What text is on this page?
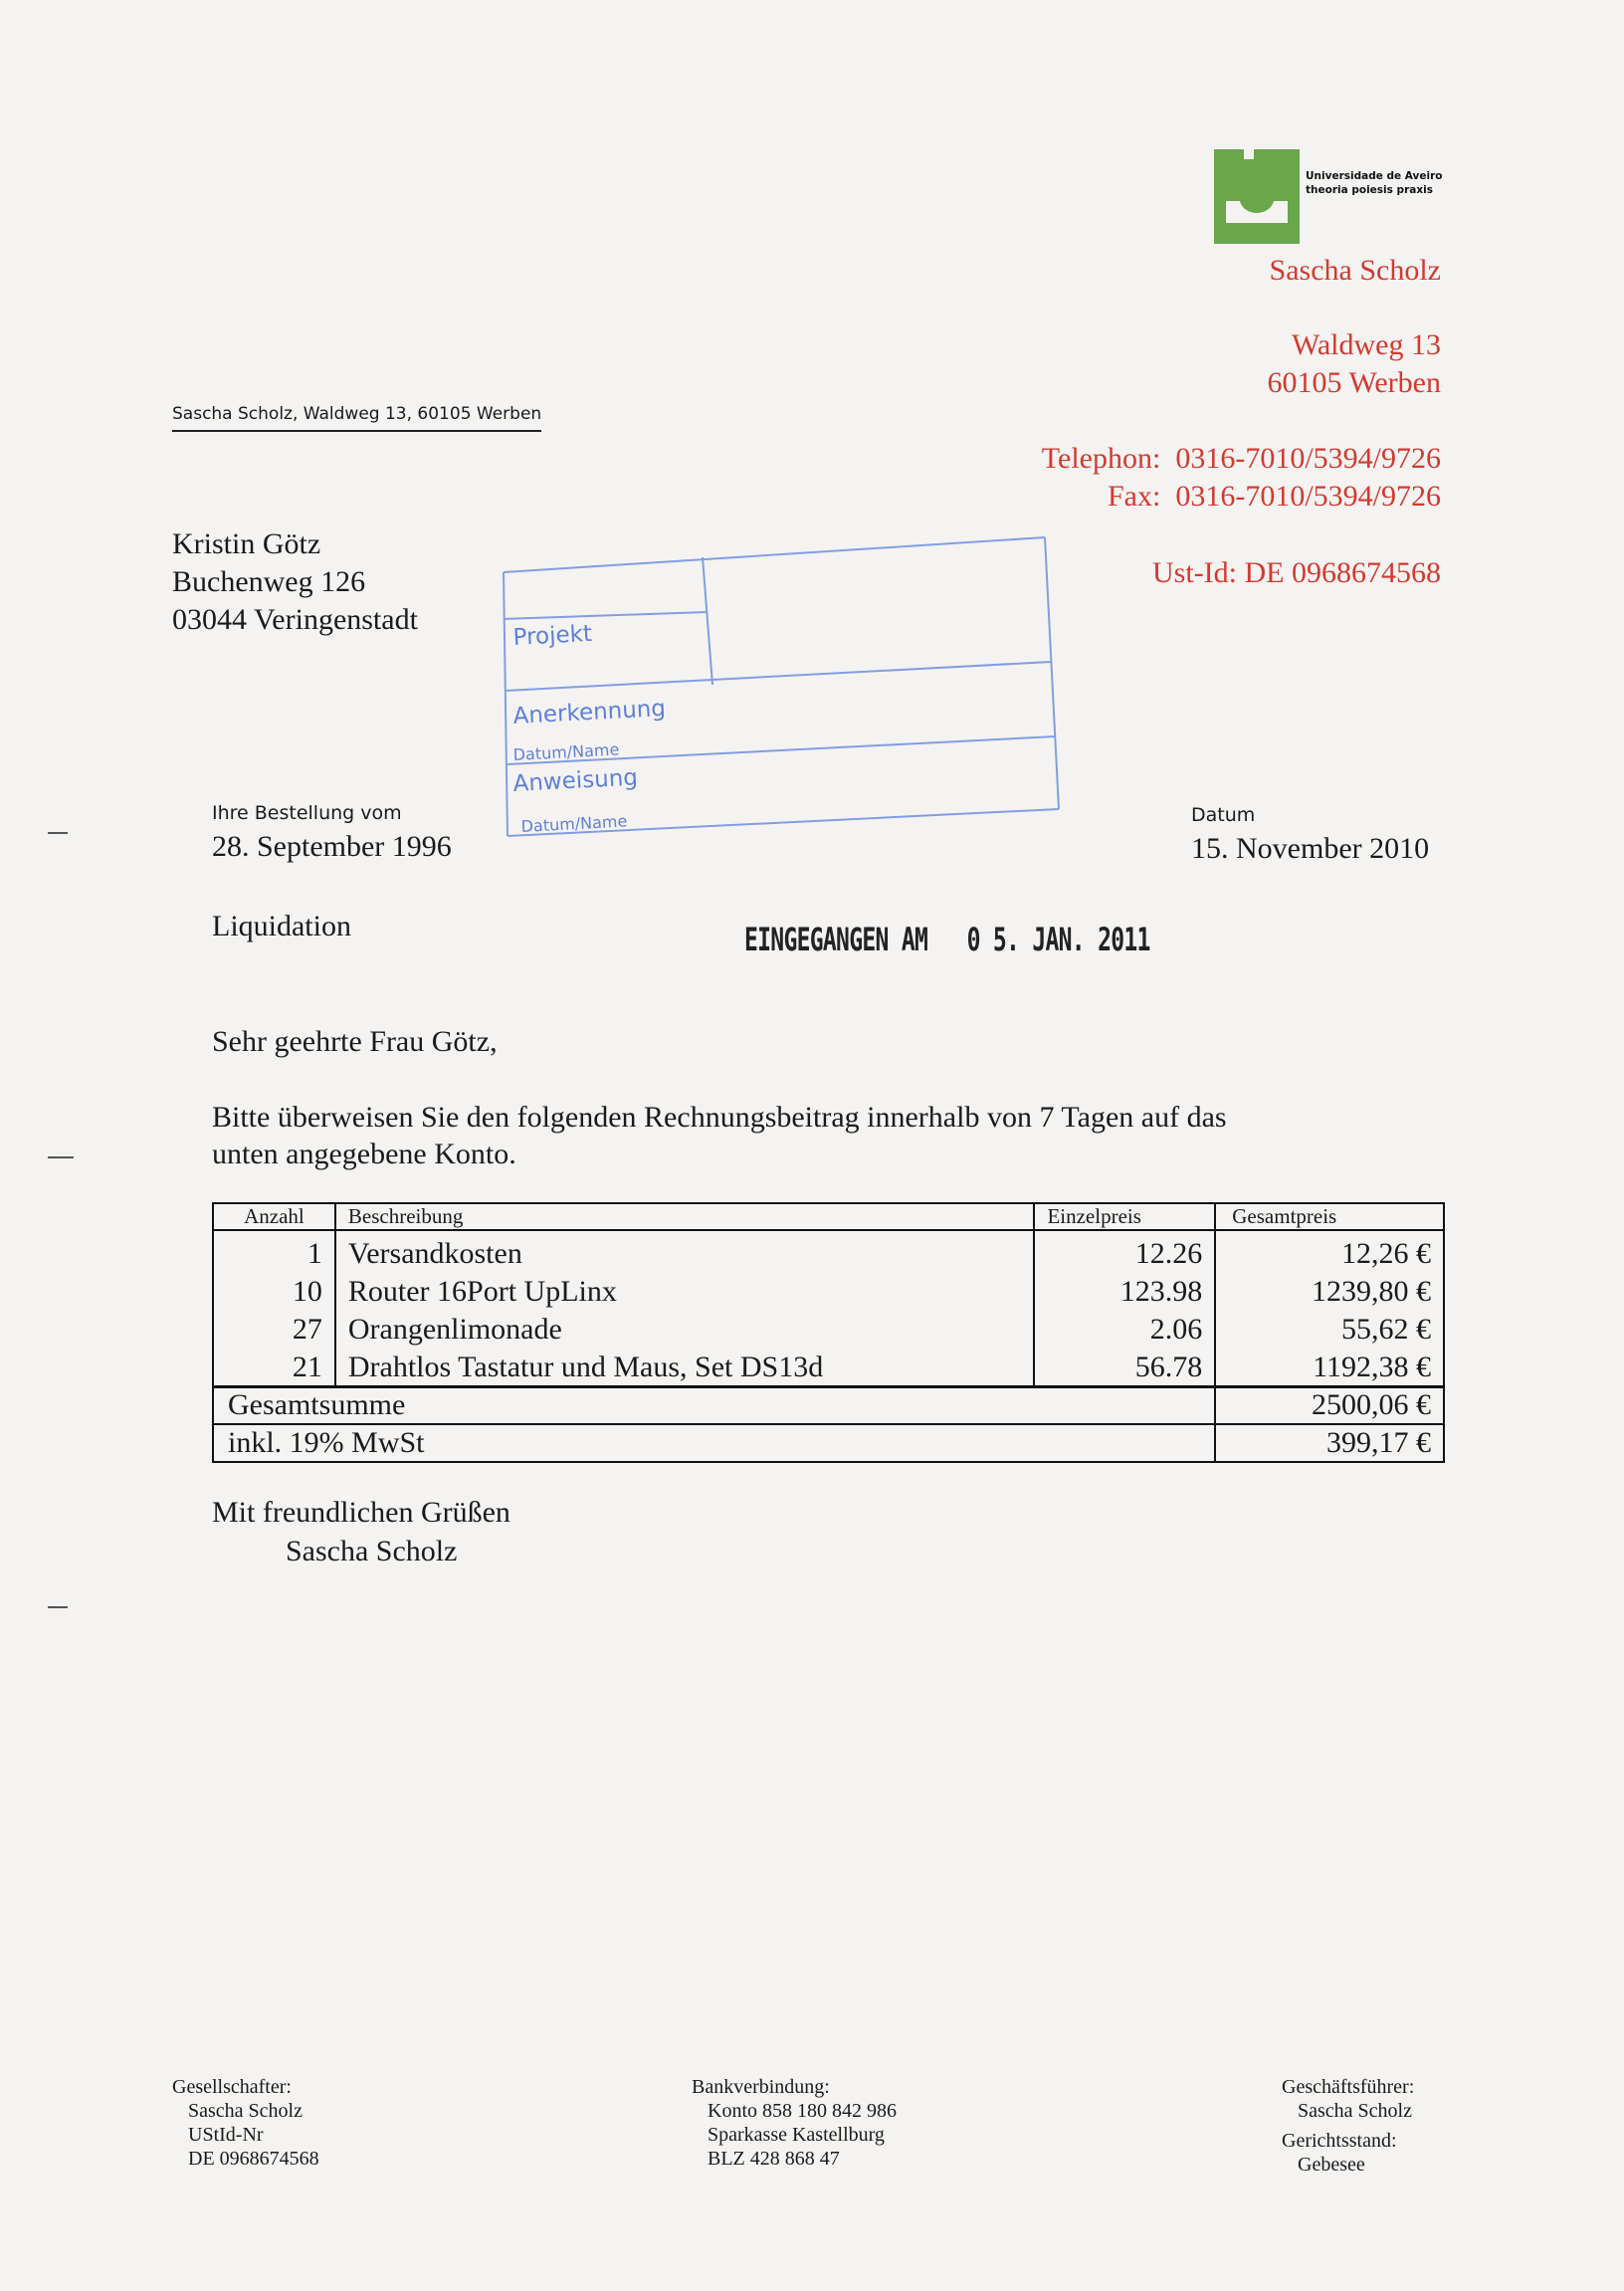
Universidade de Aveiro
theoria poiesis praxis
Sascha Scholz
Waldweg 13
60105 Werben
Telephon: 0316-7010/5394/9726
Fax: 0316-7010/5394/9726
Ust-Id: DE 0968674568
Sascha Scholz, Waldweg 13, 60105 Werben
Kristin Götz
Buchenweg 126
03044 Veringenstadt	Projekt
Anerkennung
Datum/Name
Anweisung
Datum/Name
Ihre Bestellung vom
28. September 1996
Datum
15. November 2010
Liquidation	EINGEGANGEN AM 0 5. JAN. 2011
Sehr geehrte Frau Götz,
Bitte überweisen Sie den folgenden Rechnungsbeitrag innerhalb von 7 Tagen auf das
unten angegebene Konto.
Anzahl	Beschreibung	Einzelpreis	Gesamtpreis
1	Versandkosten	12.26	12,26 €
10	Router 16Port UpLinx	123.98	1239,80 €
27	Orangenlimonade	2.06	55,62 €
21	Drahtlos Tastatur und Maus, Set DS13d	56.78	1192,38 €
Gesamtsumme	2500,06 €
inkl. 19% MwSt	399,17 €
Mit freundlichen Grüßen
Sascha Scholz
Gesellschafter:
Sascha Scholz
UStId-Nr
DE 0968674568
Bankverbindung:
Konto 858 180 842 986
Sparkasse Kastellburg
BLZ 428 868 47
Geschäftsführer:
Sascha Scholz
Gerichtsstand:
Gebesee
